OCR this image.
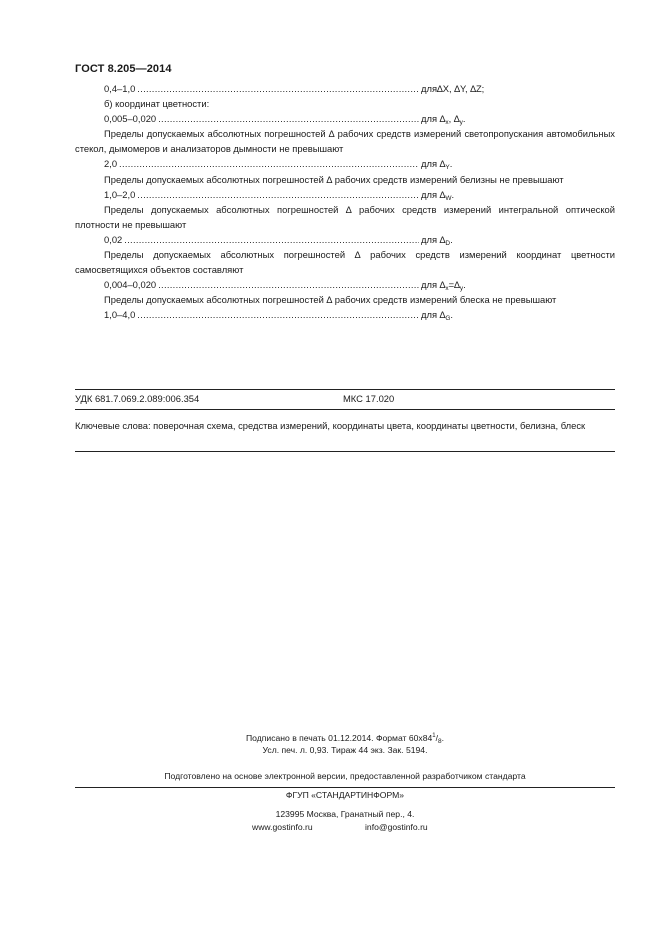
ГОСТ 8.205—2014
0,4–1,0 .....	для∆X, ∆Y, ∆Z;
б) координат цветности:
0,005–0,020 .....	для $\Delta_x$, $\Delta_y$.
Пределы допускаемых абсолютных погрешностей ∆ рабочих средств измерений светопропускания автомобильных стекол, дымомеров и анализаторов дымности не превышают
2,0 .....	для $\Delta_Y$.
Пределы допускаемых абсолютных погрешностей ∆ рабочих средств измерений белизны не превышают
1,0–2,0 .....	для $\Delta_W$.
Пределы допускаемых абсолютных погрешностей ∆ рабочих средств измерений интегральной оптической плотности не превышают
0,02 .....	для $\Delta_D$.
Пределы допускаемых абсолютных погрешностей ∆ рабочих средств измерений координат цветности самосветящихся объектов составляют
0,004–0,020 .....	для $\Delta_x=\Delta_y$.
Пределы допускаемых абсолютных погрешностей ∆ рабочих средств измерений блеска не превышают
1,0–4,0 .....	для $\Delta_G$.
УДК 681.7.069.2.089:006.354	МКС 17.020
Ключевые слова: поверочная схема, средства измерений, координаты цвета, координаты цветности, белизна, блеск
Подписано в печать 01.12.2014. Формат $60x84^1/_8$.
Усл. печ. л. 0,93. Тираж 44 экз. Зак. 5194.
Подготовлено на основе электронной версии, предоставленной разработчиком стандарта
ФГУП «СТАНДАРТИНФОРМ»
123995 Москва, Гранатный пер., 4.
www.gostinfo.ru	info@gostinfo.ru
